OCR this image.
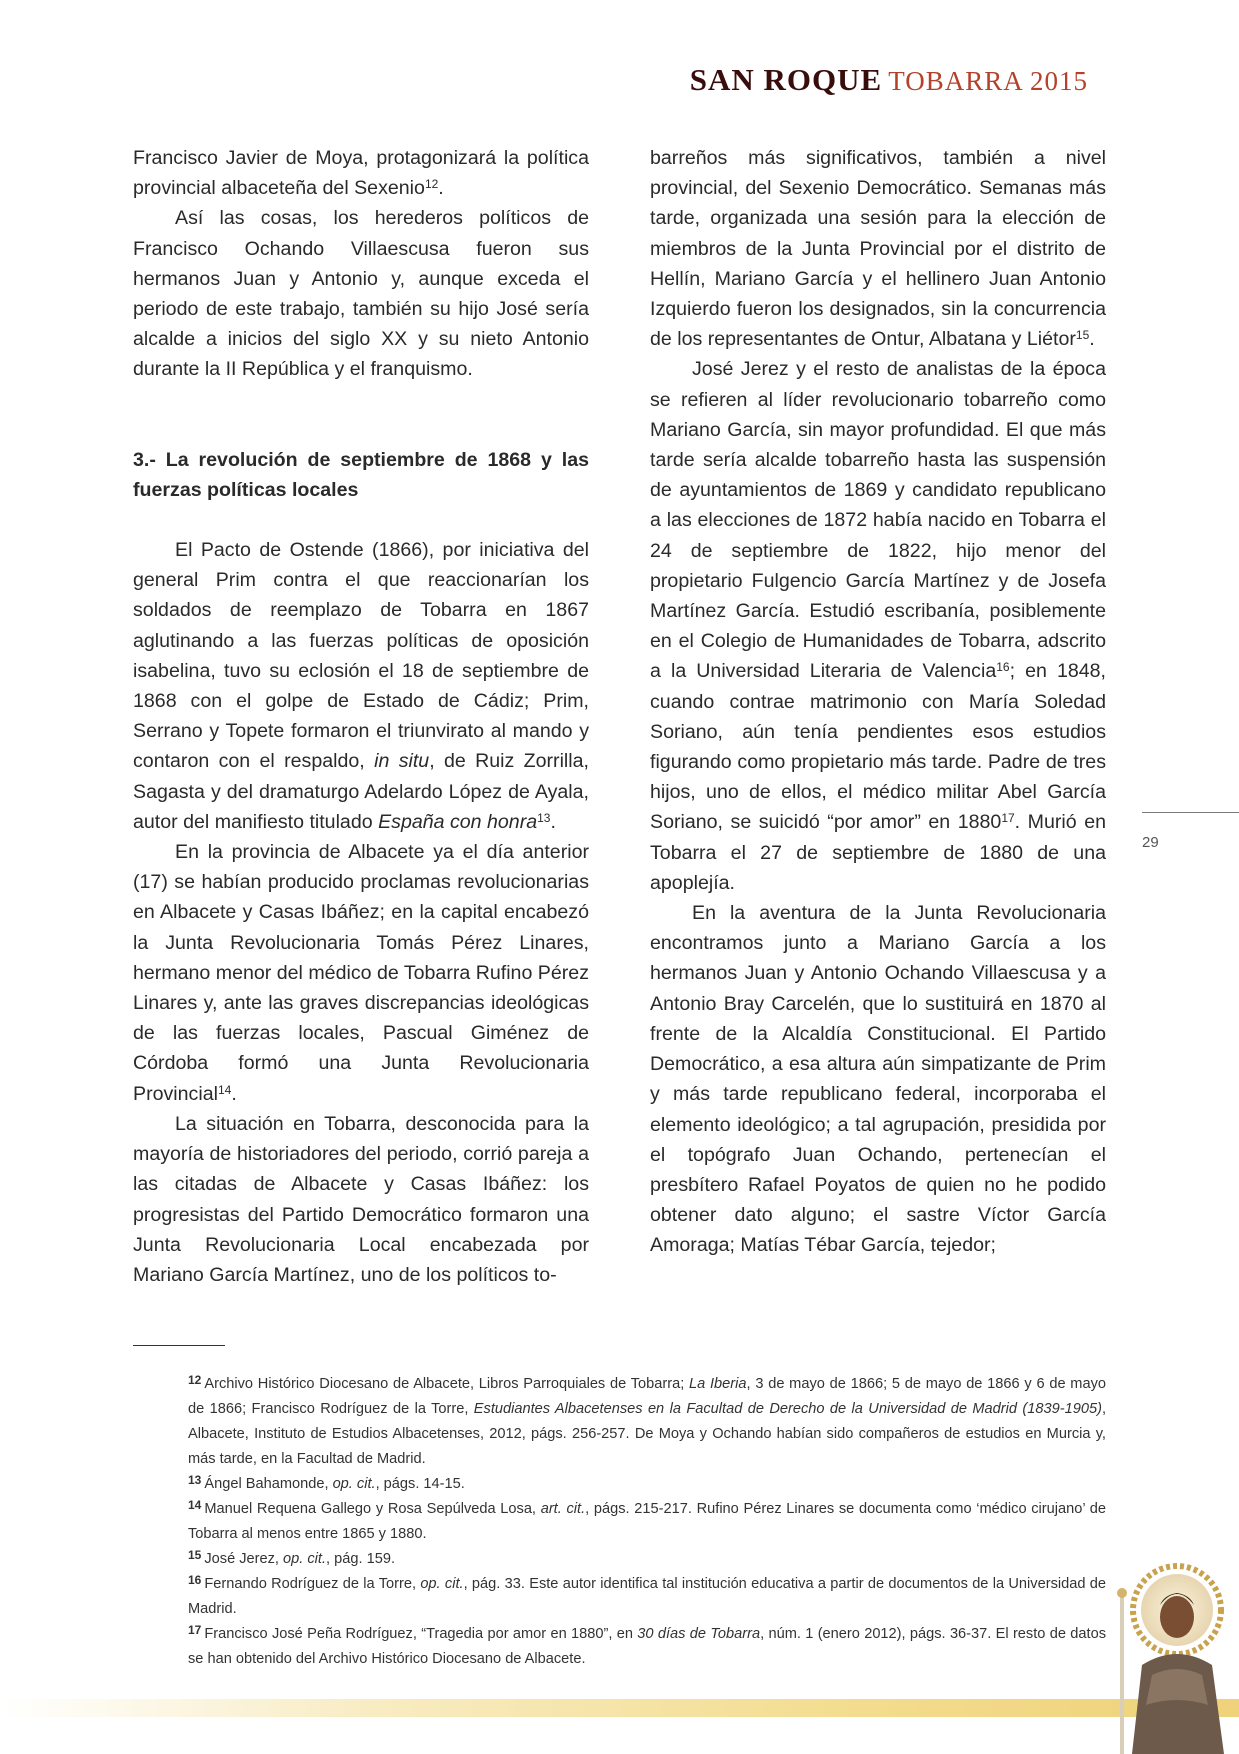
SAN ROQUE TOBARRA 2015

Francisco Javier de Moya, protagonizará la política provincial albaceteña del Sexenio$^{12}$.

Así las cosas, los herederos políticos de Francisco Ochando Villaescusa fueron sus hermanos Juan y Antonio y, aunque exceda el periodo de este trabajo, también su hijo José sería alcalde a inicios del siglo XX y su nieto Antonio durante la II República y el franquismo.

3.- La revolución de septiembre de 1868 y las fuerzas políticas locales

El Pacto de Ostende (1866), por iniciativa del general Prim contra el que reaccionarían los soldados de reemplazo de Tobarra en 1867 aglutinando a las fuerzas políticas de oposición isabelina, tuvo su eclosión el 18 de septiembre de 1868 con el golpe de Estado de Cádiz; Prim, Serrano y Topete formaron el triunvirato al mando y contaron con el respaldo, in situ, de Ruiz Zorrilla, Sagasta y del dramaturgo Adelardo López de Ayala, autor del manifiesto titulado España con honra$^{13}$.

En la provincia de Albacete ya el día anterior (17) se habían producido proclamas revolucionarias en Albacete y Casas Ibáñez; en la capital encabezó la Junta Revolucionaria Tomás Pérez Linares, hermano menor del médico de Tobarra Rufino Pérez Linares y, ante las graves discrepancias ideológicas de las fuerzas locales, Pascual Giménez de Córdoba formó una Junta Revolucionaria Provincial$^{14}$.

La situación en Tobarra, desconocida para la mayoría de historiadores del periodo, corrió pareja a las citadas de Albacete y Casas Ibáñez: los progresistas del Partido Democrático formaron una Junta Revolucionaria Local encabezada por Mariano García Martínez, uno de los políticos to-

barreños más significativos, también a nivel provincial, del Sexenio Democrático. Semanas más tarde, organizada una sesión para la elección de miembros de la Junta Provincial por el distrito de Hellín, Mariano García y el hellinero Juan Antonio Izquierdo fueron los designados, sin la concurrencia de los representantes de Ontur, Albatana y Liétor$^{15}$.

José Jerez y el resto de analistas de la época se refieren al líder revolucionario tobarreño como Mariano García, sin mayor profundidad. El que más tarde sería alcalde tobarreño hasta las suspensión de ayuntamientos de 1869 y candidato republicano a las elecciones de 1872 había nacido en Tobarra el 24 de septiembre de 1822, hijo menor del propietario Fulgencio García Martínez y de Josefa Martínez García. Estudió escribanía, posiblemente en el Colegio de Humanidades de Tobarra, adscrito a la Universidad Literaria de Valencia$^{16}$; en 1848, cuando contrae matrimonio con María Soledad Soriano, aún tenía pendientes esos estudios figurando como propietario más tarde. Padre de tres hijos, uno de ellos, el médico militar Abel García Soriano, se suicidó “por amor” en 1880$^{17}$. Murió en Tobarra el 27 de septiembre de 1880 de una apoplejía.

En la aventura de la Junta Revolucionaria encontramos junto a Mariano García a los hermanos Juan y Antonio Ochando Villaescusa y a Antonio Bray Carcelén, que lo sustituirá en 1870 al frente de la Alcaldía Constitucional. El Partido Democrático, a esa altura aún simpatizante de Prim y más tarde republicano federal, incorporaba el elemento ideológico; a tal agrupación, presidida por el topógrafo Juan Ochando, pertenecían el presbítero Rafael Poyatos de quien no he podido obtener dato alguno; el sastre Víctor García Amoraga; Matías Tébar García, tejedor;

29

$^{12}$ Archivo Histórico Diocesano de Albacete, Libros Parroquiales de Tobarra; La Iberia, 3 de mayo de 1866; 5 de mayo de 1866 y 6 de mayo de 1866; Francisco Rodríguez de la Torre, Estudiantes Albacetenses en la Facultad de Derecho de la Universidad de Madrid (1839-1905), Albacete, Instituto de Estudios Albacetenses, 2012, págs. 256-257. De Moya y Ochando habían sido compañeros de estudios en Murcia y, más tarde, en la Facultad de Madrid.

$^{13}$ Ángel Bahamonde, op. cit., págs. 14-15.

$^{14}$ Manuel Requena Gallego y Rosa Sepúlveda Losa, art. cit., págs. 215-217. Rufino Pérez Linares se documenta como ‘médico cirujano’ de Tobarra al menos entre 1865 y 1880.

$^{15}$ José Jerez, op. cit., pág. 159.

$^{16}$ Fernando Rodríguez de la Torre, op. cit., pág. 33. Este autor identifica tal institución educativa a partir de documentos de la Universidad de Madrid.

$^{17}$ Francisco José Peña Rodríguez, “Tragedia por amor en 1880”, en 30 días de Tobarra, núm. 1 (enero 2012), págs. 36-37. El resto de datos se han obtenido del Archivo Histórico Diocesano de Albacete.
